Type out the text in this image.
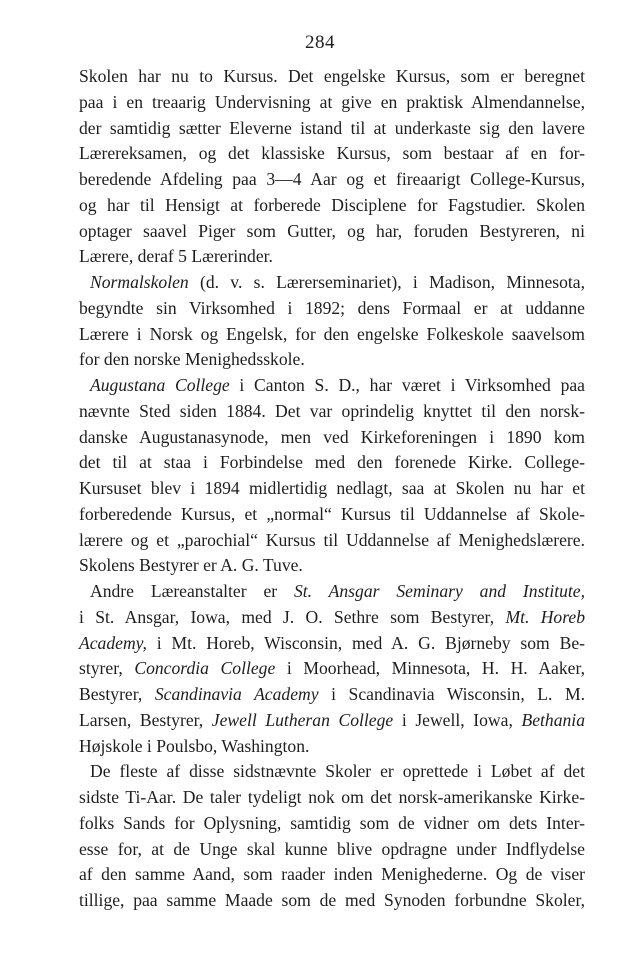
284
Skolen har nu to Kursus. Det engelske Kursus, som er beregnet
paa i en treaarig Undervisning at give en praktisk Almendannelse,
der samtidig sætter Eleverne istand til at underkaste sig den lavere
Lærereksamen, og det klassiske Kursus, som bestaar af en for-
beredende Afdeling paa 3—4 Aar og et fireaarigt College-Kursus,
og har til Hensigt at forberede Disciplene for Fagstudier. Skolen
optager saavel Piger som Gutter, og har, foruden Bestyreren, ni
Lærere, deraf 5 Lærerinder.
Normalskolen (d. v. s. Lærerseminariet), i Madison, Minnesota,
begyndte sin Virksomhed i 1892; dens Formaal er at uddanne
Lærere i Norsk og Engelsk, for den engelske Folkeskole saavelsom
for den norske Menighedsskole.
Augustana College i Canton S. D., har været i Virksomhed paa
nævnte Sted siden 1884. Det var oprindelig knyttet til den norsk-
danske Augustanasynode, men ved Kirkeforeningen i 1890 kom
det til at staa i Forbindelse med den forenede Kirke. College-
Kursuset blev i 1894 midlertidig nedlagt, saa at Skolen nu har et
forberedende Kursus, et „normal“ Kursus til Uddannelse af Skole-
lærere og et „parochial“ Kursus til Uddannelse af Menighedslærere.
Skolens Bestyrer er A. G. Tuve.
Andre Læreanstalter er St. Ansgar Seminary and Institute,
i St. Ansgar, Iowa, med J. O. Sethre som Bestyrer, Mt. Horeb
Academy, i Mt. Horeb, Wisconsin, med A. G. Bjørneby som Be-
styrer, Concordia College i Moorhead, Minnesota, H. H. Aaker,
Bestyrer, Scandinavia Academy i Scandinavia Wisconsin, L. M.
Larsen, Bestyrer, Jewell Lutheran College i Jewell, Iowa, Bethania
Højskole i Poulsbo, Washington.
De fleste af disse sidstnævnte Skoler er oprettede i Løbet af det
sidste Ti-Aar. De taler tydeligt nok om det norsk-amerikanske Kirke-
folks Sands for Oplysning, samtidig som de vidner om dets Inter-
esse for, at de Unge skal kunne blive opdragne under Indflydelse
af den samme Aand, som raader inden Menighederne. Og de viser
tillige, paa samme Maade som de med Synoden forbundne Skoler,
